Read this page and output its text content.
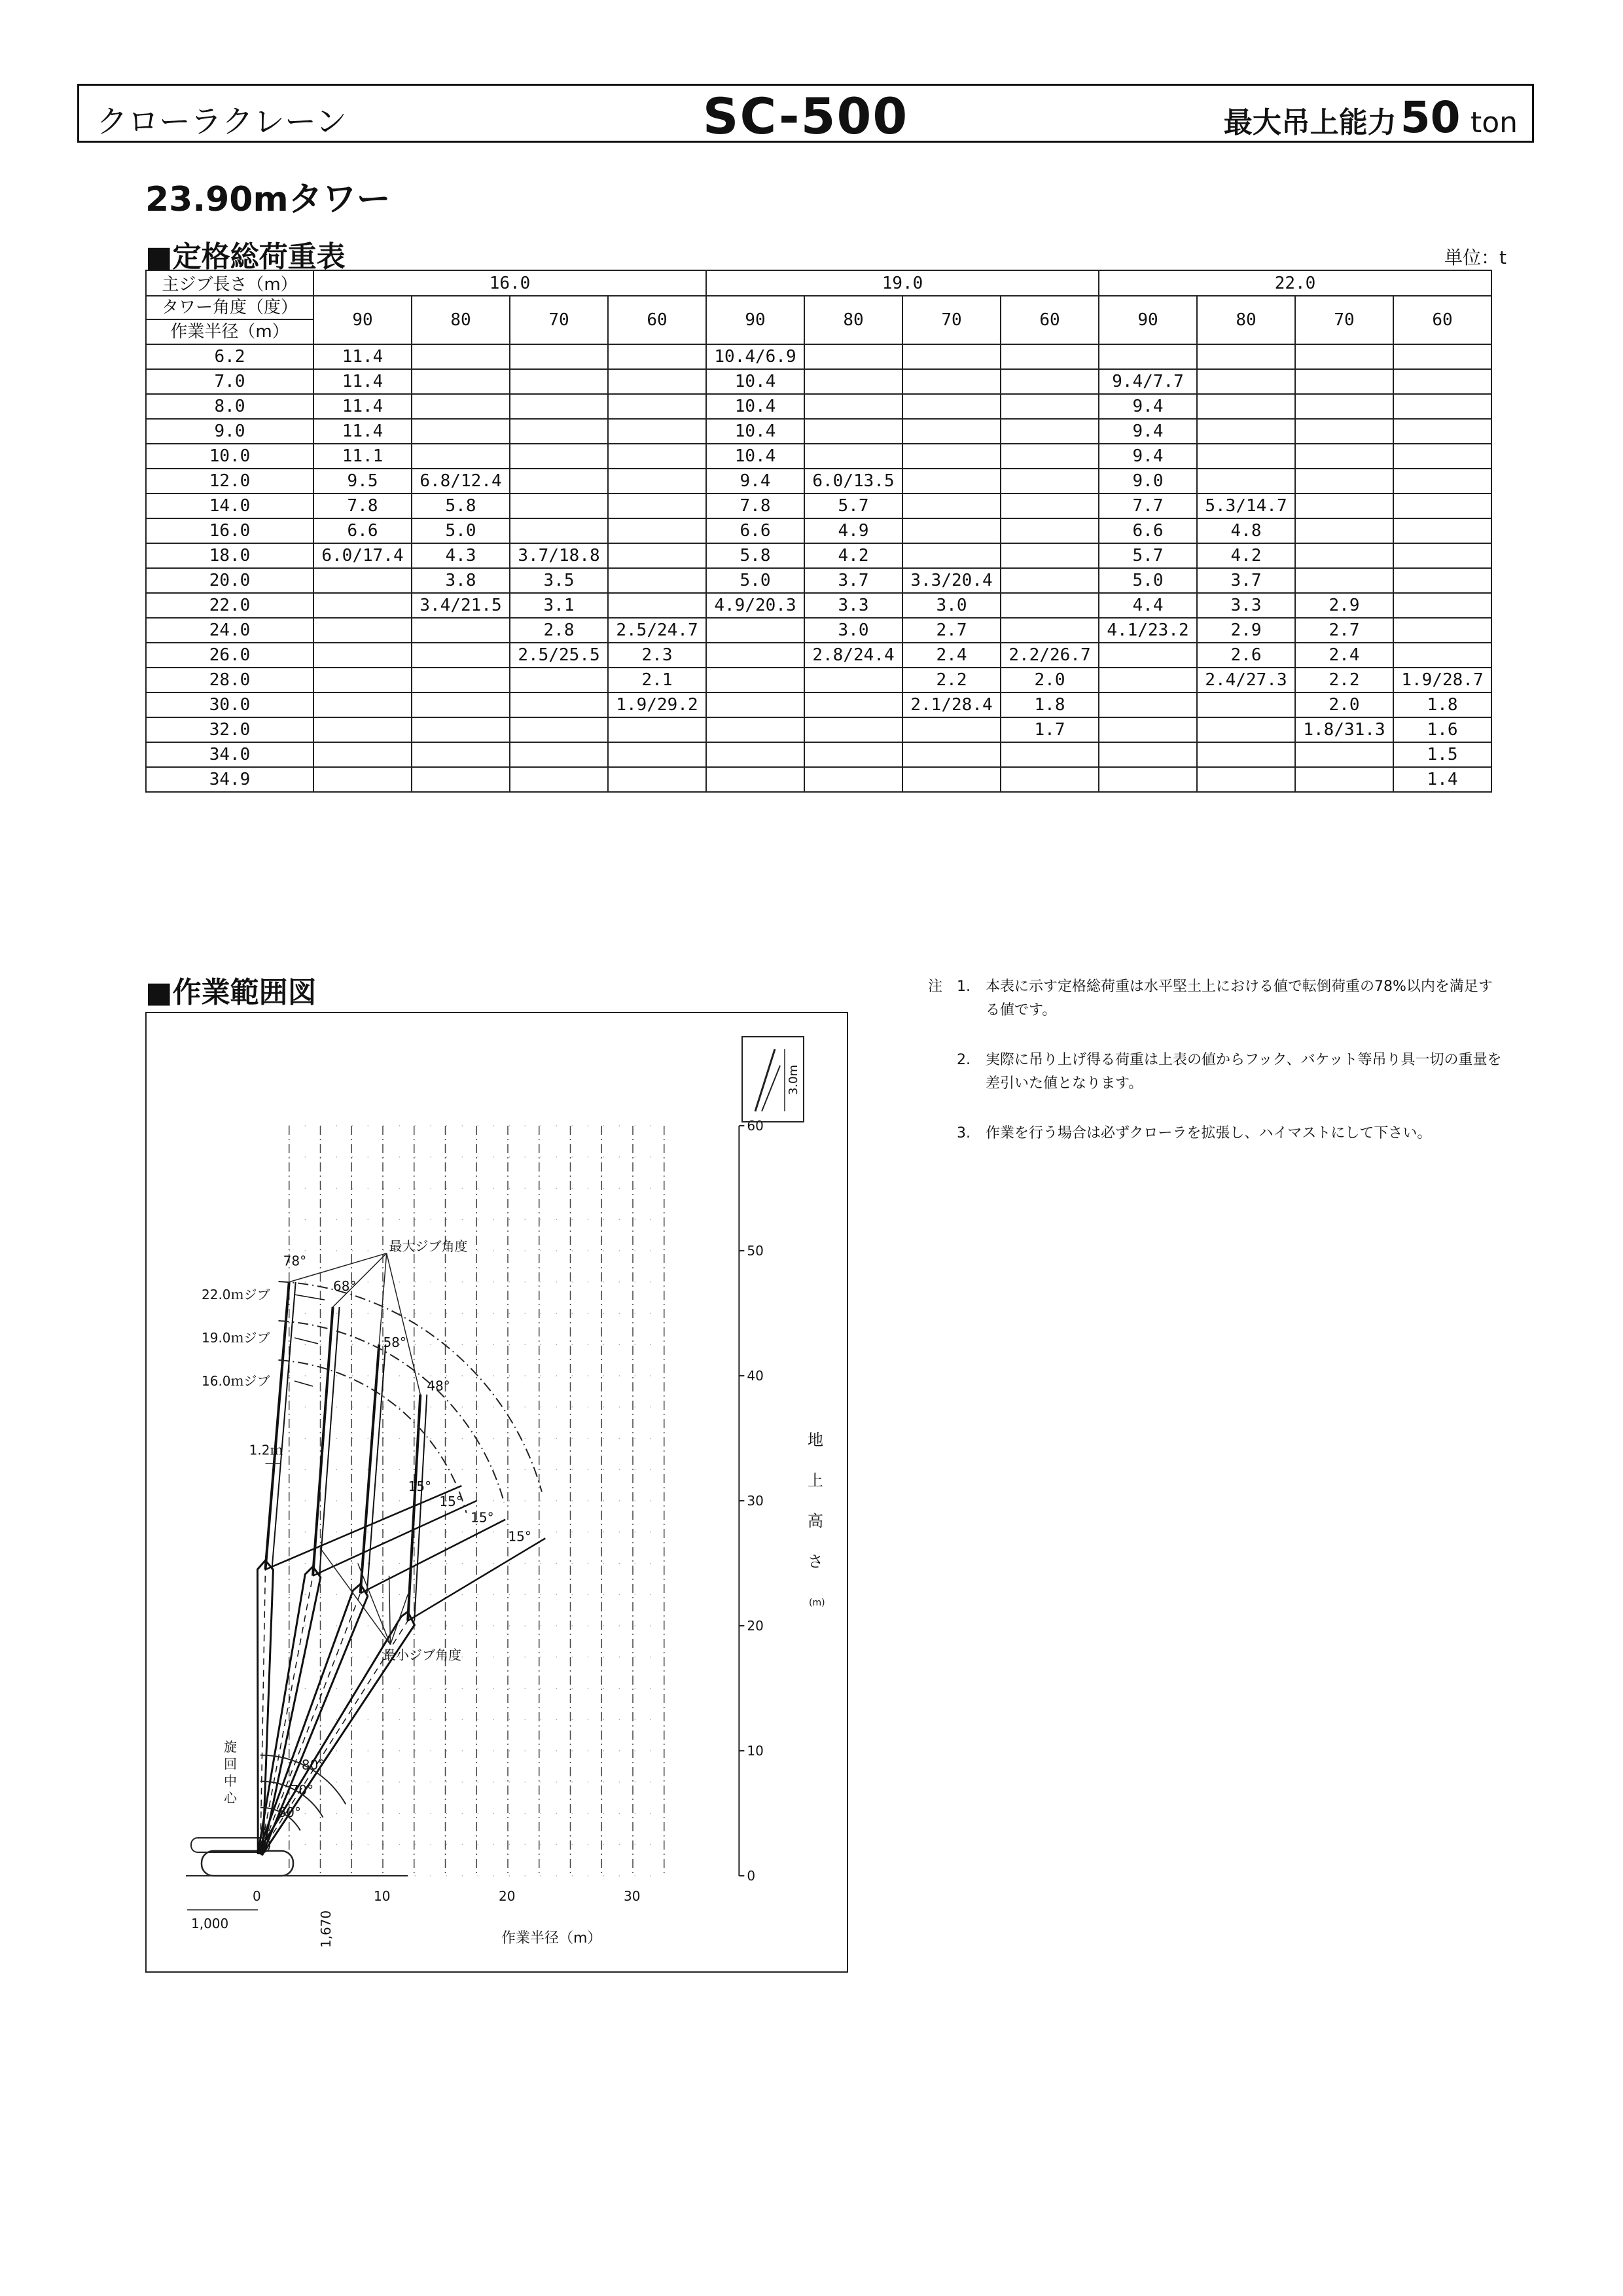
クローラクレーン	SC-500	最大吊上能力50 ton
23.90mタワー
■定格総荷重表	単位：t
主ジブ長さ（m）	16.0				19.0				22.0			

タワー角度（度）
作業半径（m）	90	80	70	60	90	80	70	60	90	80	70	60
6.2	11.4				10.4/6.9							
7.0	11.4				10.4				9.4/7.7			
8.0	11.4				10.4				9.4			
9.0	11.4				10.4				9.4			
10.0	11.1				10.4				9.4			
12.0	9.5	6.8/12.4			9.4	6.0/13.5			9.0			
14.0	7.8	5.8			7.8	5.7			7.7	5.3/14.7		
16.0	6.6	5.0			6.6	4.9			6.6	4.8		
18.0	6.0/17.4	4.3	3.7/18.8		5.8	4.2			5.7	4.2		
20.0		3.8	3.5		5.0	3.7	3.3/20.4		5.0	3.7		
22.0		3.4/21.5	3.1		4.9/20.3	3.3	3.0		4.4	3.3	2.9	
24.0			2.8	2.5/24.7		3.0	2.7		4.1/23.2	2.9	2.7	
26.0			2.5/25.5	2.3		2.8/24.4	2.4	2.2/26.7		2.6	2.4	
28.0				2.1			2.2	2.0		2.4/27.3	2.2	1.9/28.7
30.0				1.9/29.2			2.1/28.4	1.8			2.0	1.8
32.0								1.7			1.8/31.3	1.6
34.0												1.5
34.9												1.4
■作業範囲図
0
10
20
30
40
50
60
地
上
高
さ
(m)
0	10	20	30
作業半径（m）
1,000	1,670
旋
回
中
心
78°
68°
58°
48°
15°
15°
15°
15°
80°
70°
60°
22.0ｍジブ
19.0ｍジブ
16.0ｍジブ
最大ジブ角度
最小ジブ角度
1.2ｍ
3.0m
注 1. 本表に示す定格総荷重は水平堅土上における値で転倒荷重の78%以内を満足する値です。
2. 実際に吊り上げ得る荷重は上表の値からフック、バケット等吊り具一切の重量を差引いた値となります。
3. 作業を行う場合は必ずクローラを拡張し、ハイマストにして下さい。
